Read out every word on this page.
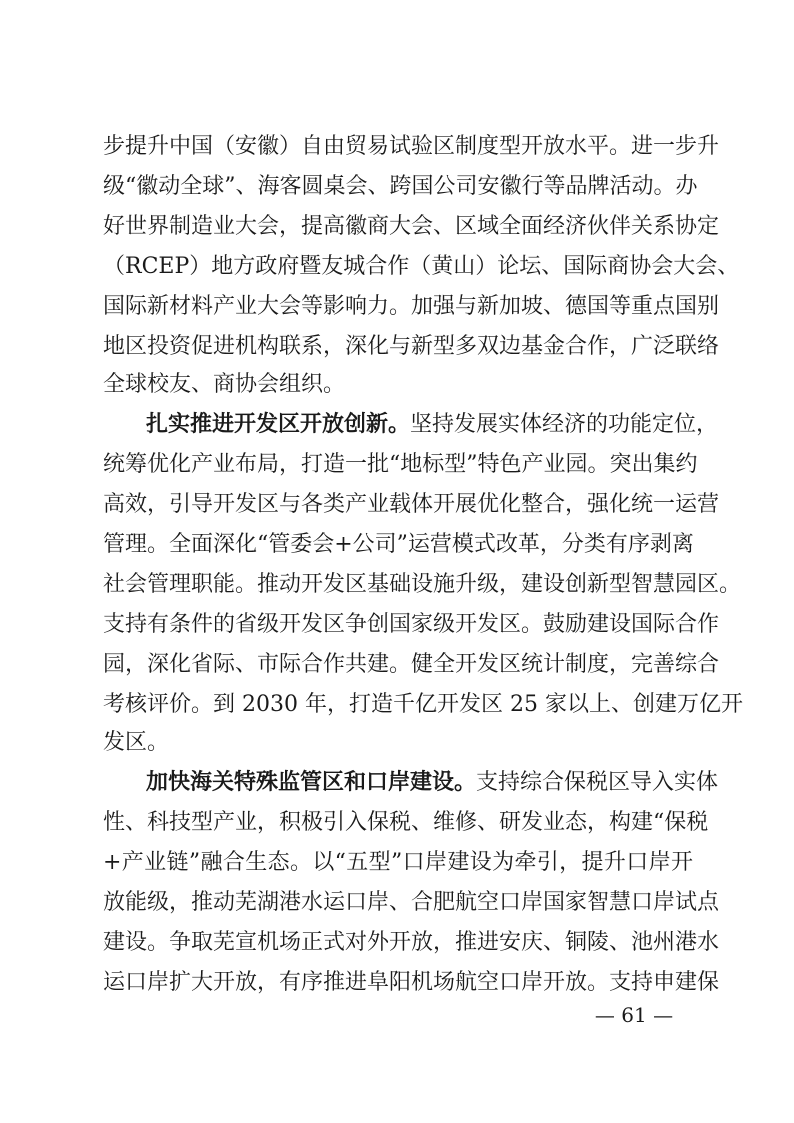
步提升中国（安徽）自由贸易试验区制度型开放水平。进一步升
级“徽动全球”、海客圆桌会、跨国公司安徽行等品牌活动。办
好世界制造业大会，提高徽商大会、区域全面经济伙伴关系协定
（RCEP）地方政府暨友城合作（黄山）论坛、国际商协会大会、
国际新材料产业大会等影响力。加强与新加坡、德国等重点国别
地区投资促进机构联系，深化与新型多双边基金合作，广泛联络
全球校友、商协会组织。
扎实推进开发区开放创新。坚持发展实体经济的功能定位，
统筹优化产业布局，打造一批“地标型”特色产业园。突出集约
高效，引导开发区与各类产业载体开展优化整合，强化统一运营
管理。全面深化“管委会+公司”运营模式改革，分类有序剥离
社会管理职能。推动开发区基础设施升级，建设创新型智慧园区。
支持有条件的省级开发区争创国家级开发区。鼓励建设国际合作
园，深化省际、市际合作共建。健全开发区统计制度，完善综合
考核评价。到 2030 年，打造千亿开发区 25 家以上、创建万亿开
发区。
加快海关特殊监管区和口岸建设。支持综合保税区导入实体
性、科技型产业，积极引入保税、维修、研发业态，构建“保税
+产业链”融合生态。以“五型”口岸建设为牵引，提升口岸开
放能级，推动芜湖港水运口岸、合肥航空口岸国家智慧口岸试点
建设。争取芜宣机场正式对外开放，推进安庆、铜陵、池州港水
运口岸扩大开放，有序推进阜阳机场航空口岸开放。支持申建保
— 61 —
